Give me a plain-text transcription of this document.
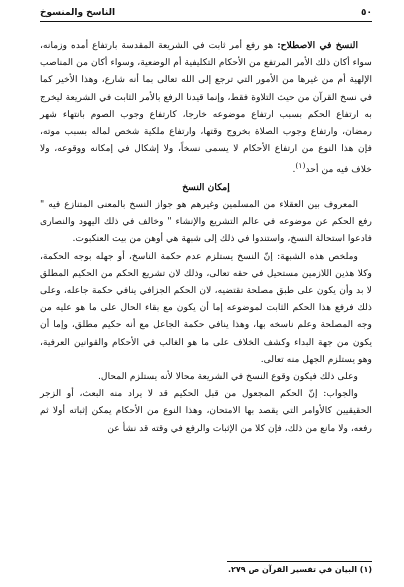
٥٠
الناسخ والمنسوخ

النسخ في الاصطلاح: هو رفع أمر ثابت في الشريعة المقدسة بارتفاع أمده وزمانه، سواء أكان ذلك الأمر المرتفع من الأحكام التكليفية أم الوضعية، وسواء أكان من المناصب الإلهية أم من غيرها من الأمور التي ترجع إلى الله تعالى بما أنه شارع، وهذا الأخير كما في نسخ القرآن من حيث التلاوة فقط، وإنما قيدنا الرفع بالأمر الثابت في الشريعة ليخرج به ارتفاع الحكم بسبب ارتفاع موضوعه خارجا، كارتفاع وجوب الصوم بانتهاء شهر رمضان، وارتفاع وجوب الصلاة بخروج وقتها، وارتفاع ملكية شخص لماله بسبب موته، فإن هذا النوع من ارتفاع الأحكام لا يسمى نسخاً، ولا إشكال في إمكانه ووقوعه، ولا خلاف فيه من أحد$^{(١)}$.

إمكان النسخ

المعروف بين العقلاء من المسلمين وغيرهم هو جواز النسخ بالمعنى المتنازع فيه " رفع الحكم عن موضوعه في عالم التشريع والإنشاء " وخالف في ذلك اليهود والنصارى فادعوا استحالة النسخ، واستندوا في ذلك إلى شبهة هي أوهن من بيت العنكبوت.

وملخص هذه الشبهة: إنّ النسخ يستلزم عدم حكمة الناسخ، أو جهله بوجه الحكمة، وكلا هذين اللازمين مستحيل في حقه تعالى، وذلك لان تشريع الحكم من الحكيم المطلق لا بد وأن يكون على طبق مصلحة تقتضيه، لان الحكم الجزافي ينافي حكمة جاعله، وعلى ذلك فرفع هذا الحكم الثابت لموضوعه إما أن يكون مع بقاء الحال على ما هو عليه من وجه المصلحة وعلم ناسخه بها، وهذا ينافي حكمة الجاعل مع أنه حكيم مطلق، وإما أن يكون من جهة البداء وكشف الخلاف على ما هو الغالب في الأحكام والقوانين العرفية، وهو يستلزم الجهل منه تعالى.

وعلى ذلك فيكون وقوع النسخ في الشريعة محالا لأنه يستلزم المحال.

والجواب: إنّ الحكم المجعول من قبل الحكيم قد لا يراد منه البعث، أو الزجر الحقيقيين كالأوامر التي يقصد بها الامتحان، وهذا النوع من الأحكام يمكن إثباته أولا ثم رفعه، ولا مانع من ذلك، فإن كلا من الإثبات والرفع في وقته قد نشأ عن

(١) البيان في تفسير القرآن ص ٢٧٩.
